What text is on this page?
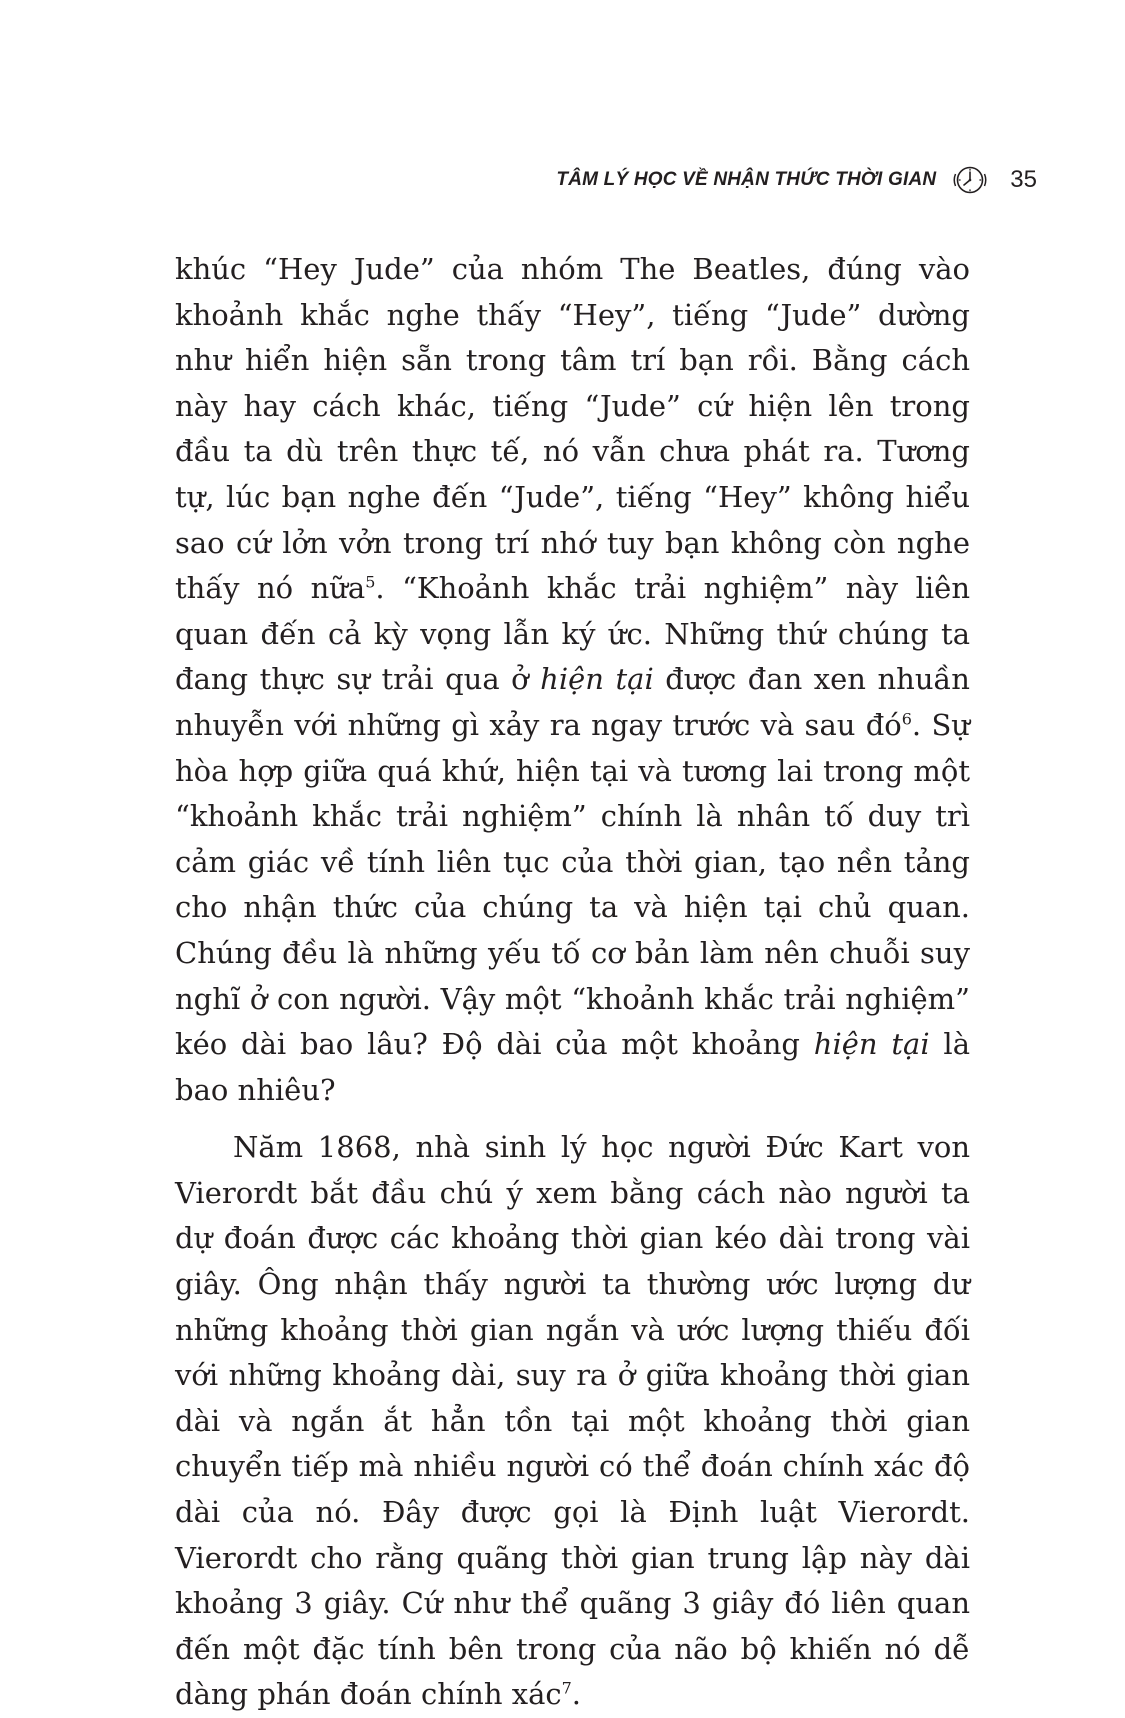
TÂM LÝ HỌC VỀ NHẬN THỨC THỜI GIAN	35

khúc “Hey Jude” của nhóm The Beatles, đúng vào khoảnh khắc nghe thấy “Hey”, tiếng “Jude” dường như hiển hiện sẵn trong tâm trí bạn rồi. Bằng cách này hay cách khác, tiếng “Jude” cứ hiện lên trong đầu ta dù trên thực tế, nó vẫn chưa phát ra. Tương tự, lúc bạn nghe đến “Jude”, tiếng “Hey” không hiểu sao cứ lởn vởn trong trí nhớ tuy bạn không còn nghe thấy nó nữa$^5$. “Khoảnh khắc trải nghiệm” này liên quan đến cả kỳ vọng lẫn ký ức. Những thứ chúng ta đang thực sự trải qua ở hiện tại được đan xen nhuần nhuyễn với những gì xảy ra ngay trước và sau $đó^6$. Sự hòa hợp giữa quá khứ, hiện tại và tương lai trong một “khoảnh khắc trải nghiệm” chính là nhân tố duy trì cảm giác về tính liên tục của thời gian, tạo nền tảng cho nhận thức của chúng ta và hiện tại chủ quan. Chúng đều là những yếu tố cơ bản làm nên chuỗi suy nghĩ ở con người. Vậy một “khoảnh khắc trải nghiệm” kéo dài bao lâu? Độ dài của một khoảng hiện tại là bao nhiêu?

Năm 1868, nhà sinh lý học người Đức Kart von Vierordt bắt đầu chú ý xem bằng cách nào người ta dự đoán được các khoảng thời gian kéo dài trong vài giây. Ông nhận thấy người ta thường ước lượng dư những khoảng thời gian ngắn và ước lượng thiếu đối với những khoảng dài, suy ra ở giữa khoảng thời gian dài và ngắn ắt hẳn tồn tại một khoảng thời gian chuyển tiếp mà nhiều người có thể đoán chính xác độ dài của nó. Đây được gọi là Định luật Vierordt. Vierordt cho rằng quãng thời gian trung lập này dài khoảng 3 giây. Cứ như thể quãng 3 giây đó liên quan đến một đặc tính bên trong của não bộ khiến nó dễ dàng phán đoán chính xác$^7$.
